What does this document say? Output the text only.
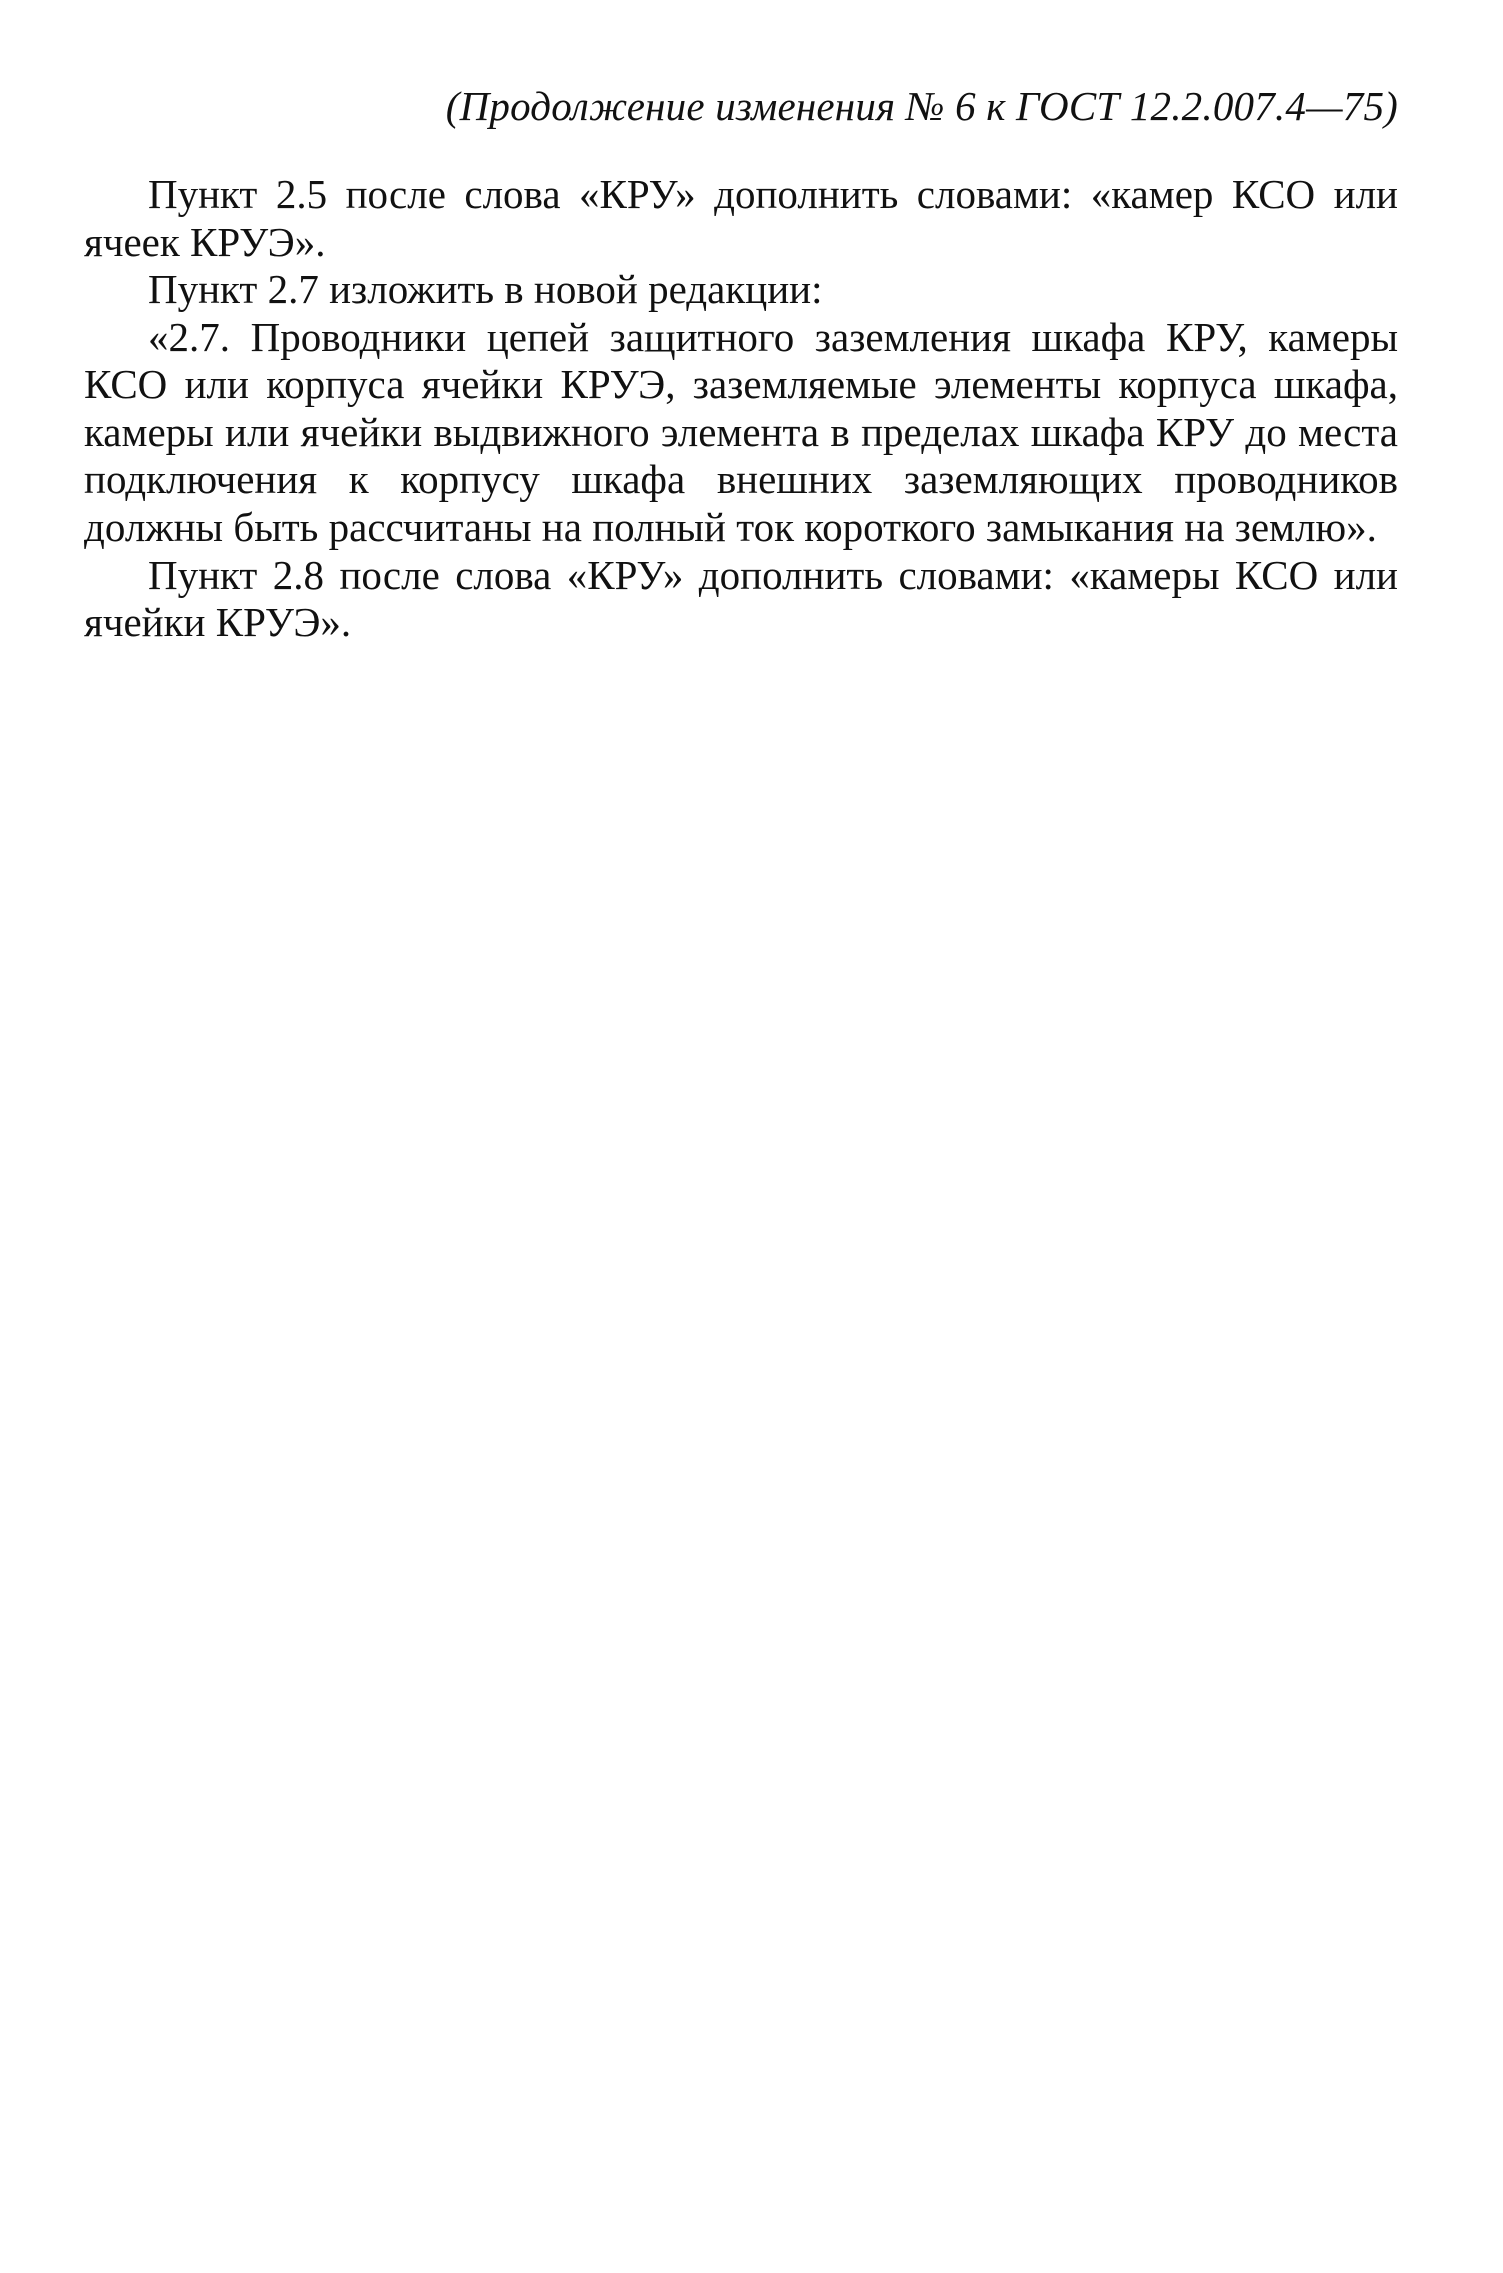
(Продолжение изменения № 6 к ГОСТ 12.2.007.4—75)

Пункт 2.5 после слова «КРУ» дополнить словами: «камер КСО или ячеек КРУЭ».

Пункт 2.7 изложить в новой редакции:

«2.7. Проводники цепей защитного заземления шкафа КРУ, камеры КСО или корпуса ячейки КРУЭ, заземляемые элементы корпуса шкафа, камеры или ячейки выдвижного элемента в пределах шкафа КРУ до места подключения к корпусу шкафа внешних заземляющих проводников должны быть рассчитаны на полный ток короткого замыкания на землю».

Пункт 2.8 после слова «КРУ» дополнить словами: «камеры КСО или ячейки КРУЭ».
